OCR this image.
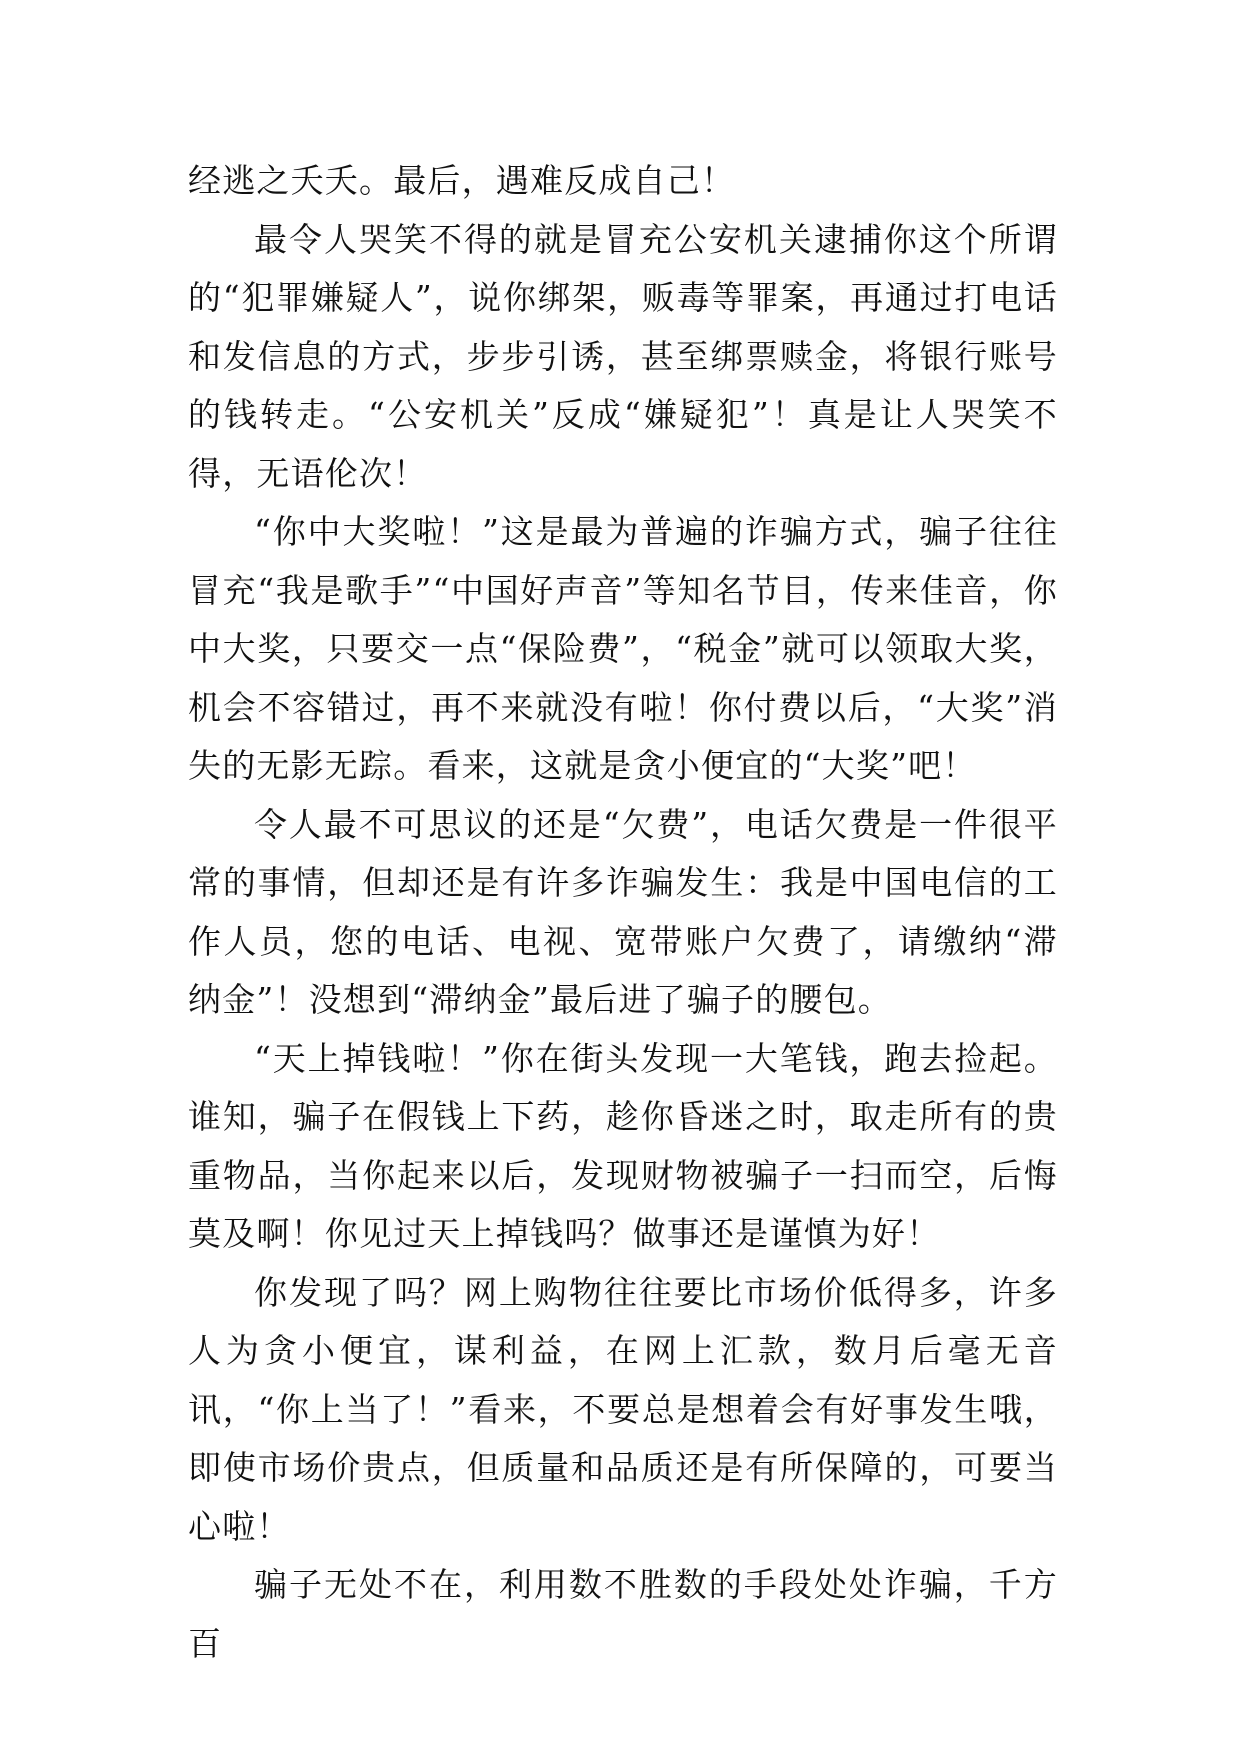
经逃之夭夭。最后，遇难反成自己！

最令人哭笑不得的就是冒充公安机关逮捕你这个所谓的“犯罪嫌疑人”，说你绑架，贩毒等罪案，再通过打电话和发信息的方式，步步引诱，甚至绑票赎金，将银行账号的钱转走。“公安机关”反成“嫌疑犯”！真是让人哭笑不得，无语伦次！

“你中大奖啦！”这是最为普遍的诈骗方式，骗子往往冒充“我是歌手”“中国好声音”等知名节目，传来佳音，你中大奖，只要交一点“保险费”，“税金”就可以领取大奖，机会不容错过，再不来就没有啦！你付费以后，“大奖”消失的无影无踪。看来，这就是贪小便宜的“大奖”吧！

令人最不可思议的还是“欠费”，电话欠费是一件很平常的事情，但却还是有许多诈骗发生：我是中国电信的工作人员，您的电话、电视、宽带账户欠费了，请缴纳“滞纳金”！没想到“滞纳金”最后进了骗子的腰包。

“天上掉钱啦！”你在街头发现一大笔钱，跑去捡起。谁知，骗子在假钱上下药，趁你昏迷之时，取走所有的贵重物品，当你起来以后，发现财物被骗子一扫而空，后悔莫及啊！你见过天上掉钱吗？做事还是谨慎为好！

你发现了吗？网上购物往往要比市场价低得多，许多人为贪小便宜，谋利益，在网上汇款，数月后毫无音讯，“你上当了！”看来，不要总是想着会有好事发生哦，即使市场价贵点，但质量和品质还是有所保障的，可要当心啦！

骗子无处不在，利用数不胜数的手段处处诈骗，千方百
